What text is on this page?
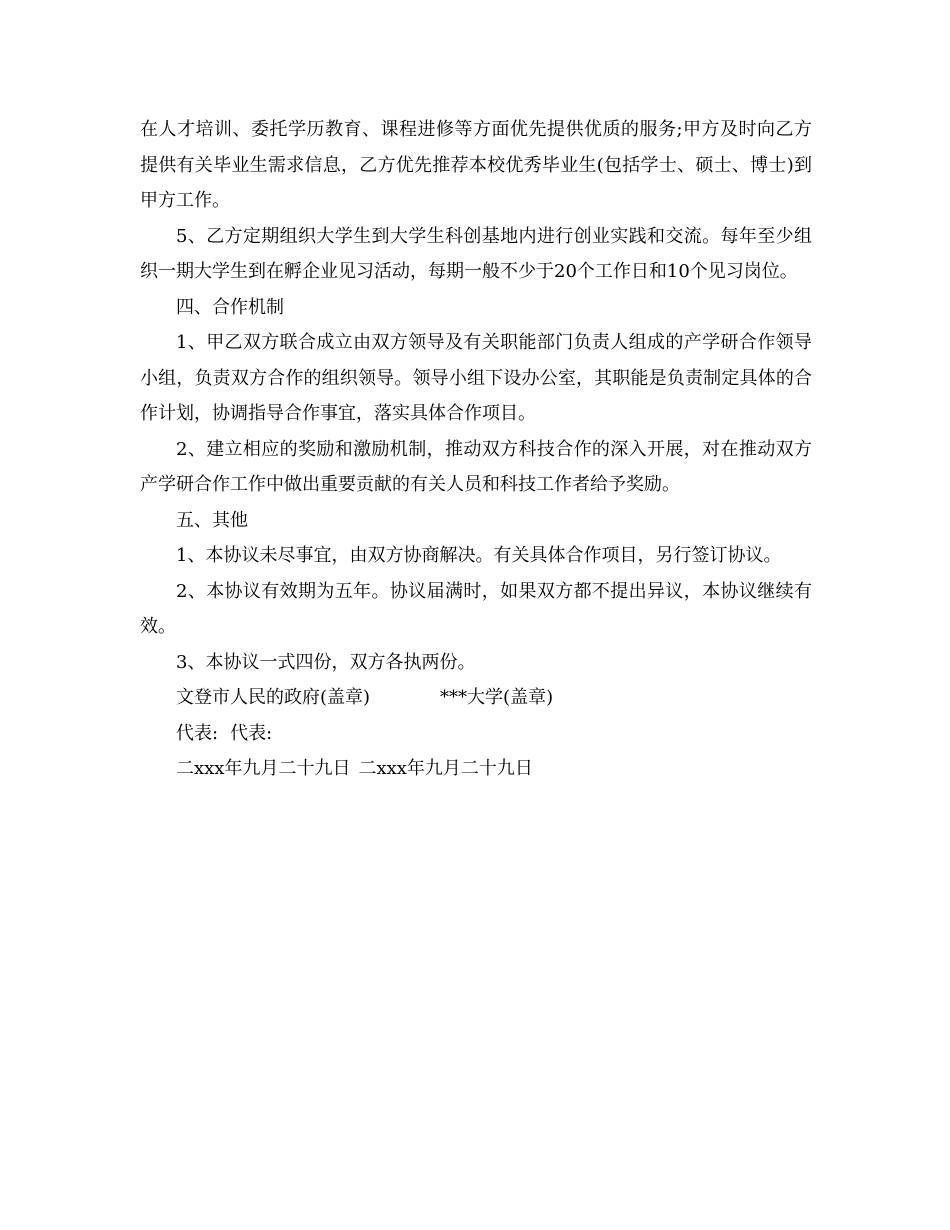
在人才培训、委托学历教育、课程进修等方面优先提供优质的服务;甲方及时向乙方提供有关毕业生需求信息，乙方优先推荐本校优秀毕业生(包括学士、硕士、博士)到甲方工作。

5、乙方定期组织大学生到大学生科创基地内进行创业实践和交流。每年至少组织一期大学生到在孵企业见习活动，每期一般不少于20个工作日和10个见习岗位。

四、合作机制

1、甲乙双方联合成立由双方领导及有关职能部门负责人组成的产学研合作领导小组，负责双方合作的组织领导。领导小组下设办公室，其职能是负责制定具体的合作计划，协调指导合作事宜，落实具体合作项目。

2、建立相应的奖励和激励机制，推动双方科技合作的深入开展，对在推动双方产学研合作工作中做出重要贡献的有关人员和科技工作者给予奖励。

五、其他

1、本协议未尽事宜，由双方协商解决。有关具体合作项目，另行签订协议。

2、本协议有效期为五年。协议届满时，如果双方都不提出异议，本协议继续有效。

3、本协议一式四份，双方各执两份。

文登市人民的政府(盖章)	***大学(盖章)
代表: 代表:
二xxx年九月二十九日 二xxx年九月二十九日
